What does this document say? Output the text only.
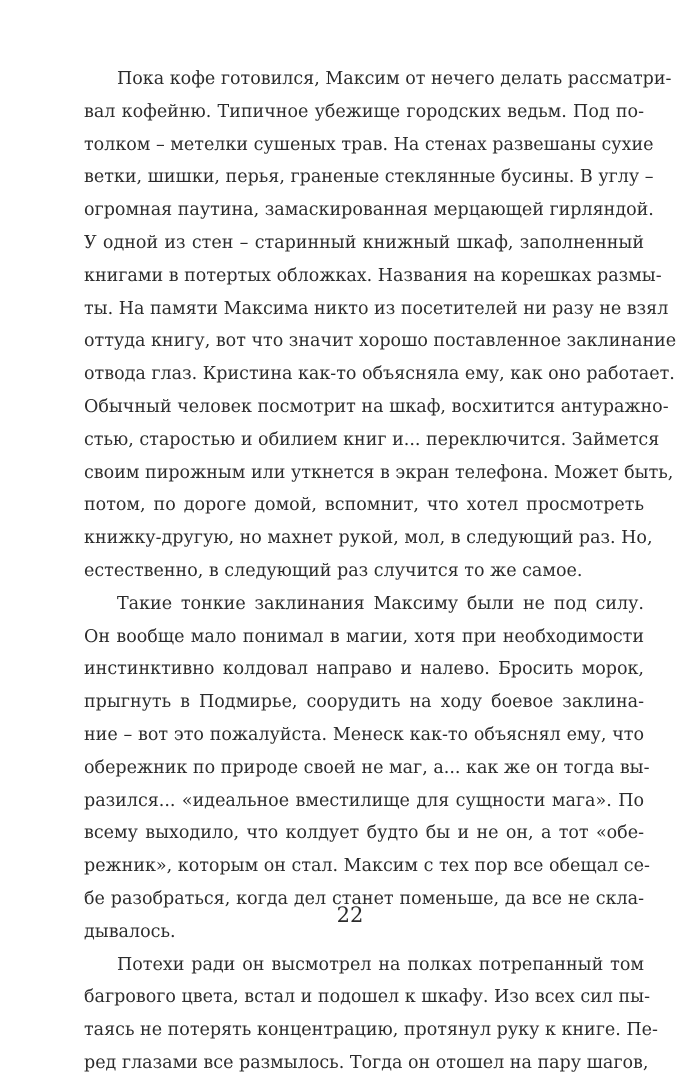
Пока кофе готовился, Максим от нечего делать рассматри-
вал кофейню. Типичное убежище городских ведьм. Под по-
толком – метелки сушеных трав. На стенах развешаны сухие
ветки, шишки, перья, граненые стеклянные бусины. В углу –
огромная паутина, замаскированная мерцающей гирляндой.
У одной из стен – старинный книжный шкаф, заполненный
книгами в потертых обложках. Названия на корешках размы-
ты. На памяти Максима никто из посетителей ни разу не взял
оттуда книгу, вот что значит хорошо поставленное заклинание
отвода глаз. Кристина как-то объясняла ему, как оно работает.
Обычный человек посмотрит на шкаф, восхитится антуражно-
стью, старостью и обилием книг и... переключится. Займется
своим пирожным или уткнется в экран телефона. Может быть,
потом, по дороге домой, вспомнит, что хотел просмотреть
книжку-другую, но махнет рукой, мол, в следующий раз. Но,
естественно, в следующий раз случится то же самое.
Такие тонкие заклинания Максиму были не под силу.
Он вообще мало понимал в магии, хотя при необходимости
инстинктивно колдовал направо и налево. Бросить морок,
прыгнуть в Подмирье, соорудить на ходу боевое заклина-
ние – вот это пожалуйста. Менеск как-то объяснял ему, что
обережник по природе своей не маг, а... как же он тогда вы-
разился... «идеальное вместилище для сущности мага». По
всему выходило, что колдует будто бы и не он, а тот «обе-
режник», которым он стал. Максим с тех пор все обещал се-
бе разобраться, когда дел станет поменьше, да все не скла-
дывалось.
Потехи ради он высмотрел на полках потрепанный том
багрового цвета, встал и подошел к шкафу. Изо всех сил пы-
таясь не потерять концентрацию, протянул руку к книге. Пе-
ред глазами все размылось. Тогда он отошел на пару шагов,
22
